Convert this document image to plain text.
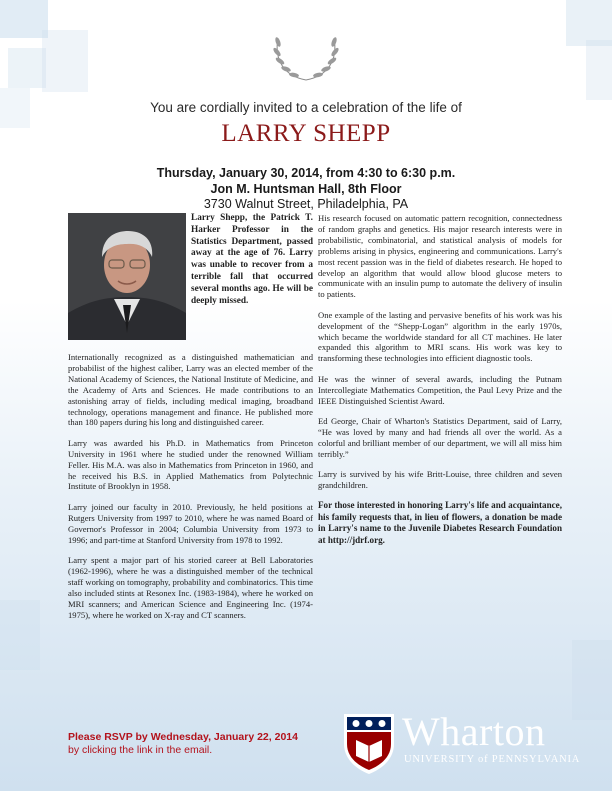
You are cordially invited to a celebration of the life of
LARRY SHEPP
Thursday, January 30, 2014, from 4:30 to 6:30 p.m.
Jon M. Huntsman Hall, 8th Floor
3730 Walnut Street, Philadelphia, PA
Larry Shepp, the Patrick T. Harker Professor in the Statistics Department, passed away at the age of 76. Larry was unable to recover from a terrible fall that occurred several months ago. He will be deeply missed.

Internationally recognized as a distinguished mathematician and probabilist of the highest caliber, Larry was an elected member of the National Academy of Sciences, the National Institute of Medicine, and the Academy of Arts and Sciences. He made contributions to an astonishing array of fields, including medical imaging, broadband technology, operations management and finance. He published more than 180 papers during his long and distinguished career.

Larry was awarded his Ph.D. in Mathematics from Princeton University in 1961 where he studied under the renowned William Feller. His M.A. was also in Mathematics from Princeton in 1960, and he received his B.S. in Applied Mathematics from Polytechnic Institute of Brooklyn in 1958.

Larry joined our faculty in 2010. Previously, he held positions at Rutgers University from 1997 to 2010, where he was named Board of Governor's Professor in 2004; Columbia University from 1973 to 1996; and part-time at Stanford University from 1978 to 1992.

Larry spent a major part of his storied career at Bell Laboratories (1962-1996), where he was a distinguished member of the technical staff working on tomography, probability and combinatorics. This time also included stints at Resonex Inc. (1983-1984), where he worked on MRI scanners; and American Science and Engineering Inc. (1974-1975), where he worked on X-ray and CT scanners.

His research focused on automatic pattern recognition, connectedness of random graphs and genetics. His major research interests were in probabilistic, combinatorial, and statistical analysis of models for problems arising in physics, engineering and communications. Larry's most recent passion was in the field of diabetes research. He hoped to develop an algorithm that would allow blood glucose meters to communicate with an insulin pump to automate the delivery of insulin to patients.

One example of the lasting and pervasive benefits of his work was his development of the “Shepp-Logan” algorithm in the early 1970s, which became the worldwide standard for all CT machines. He later expanded this algorithm to MRI scans. His work was key to transforming these technologies into efficient diagnostic tools.

He was the winner of several awards, including the Putnam Intercollegiate Mathematics Competition, the Paul Levy Prize and the IEEE Distinguished Scientist Award.

Ed George, Chair of Wharton's Statistics Department, said of Larry, “He was loved by many and had friends all over the world. As a colorful and brilliant member of our department, we will all miss him terribly.”

Larry is survived by his wife Britt-Louise, three children and seven grandchildren.

For those interested in honoring Larry's life and acquaintance, his family requests that, in lieu of flowers, a donation be made in Larry's name to the Juvenile Diabetes Research Foundation at http://jdrf.org.

Please RSVP by Wednesday, January 22, 2014
by clicking the link in the email.	Wharton
UNIVERSITY of PENNSYLVANIA
